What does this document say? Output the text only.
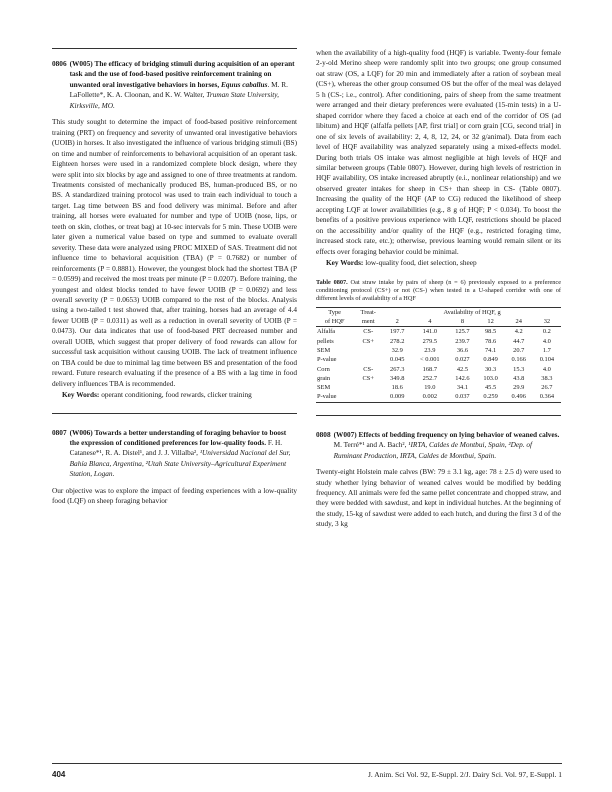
0806 (W005) The efficacy of bridging stimuli during acquisition of an operant task and the use of food-based positive reinforcement training on unwanted oral investigative behaviors in horses, Equus caballus. M. R. LaFollette*, K. A. Cloonan, and K. W. Walter, Truman State University, Kirksville, MO.

This study sought to determine the impact of food-based positive reinforcement training (PRT) on frequency and severity of unwanted oral investigative behaviors (UOIB) in horses. It also investigated the influence of various bridging stimuli (BS) on time and number of reinforcements to behavioral acquisition of an operant task. Eighteen horses were used in a randomized complete block design, where they were split into six blocks by age and assigned to one of three treatments at random. Treatments consisted of mechanically produced BS, human-produced BS, or no BS. A standardized training protocol was used to train each individual to touch a target. Lag time between BS and food delivery was minimal. Before and after training, all horses were evaluated for number and type of UOIB (nose, lips, or teeth on skin, clothes, or treat bag) at 10-sec intervals for 5 min. These UOIB were later given a numerical value based on type and summed to evaluate overall severity. These data were analyzed using PROC MIXED of SAS. Treatment did not influence time to behavioral acquisition (TBA) (P = 0.7682) or number of reinforcements (P = 0.8881). However, the youngest block had the shortest TBA (P = 0.0599) and received the most treats per minute (P = 0.0207). Before training, the youngest and oldest blocks tended to have fewer UOIB (P = 0.0692) and less overall severity (P = 0.0653) UOIB compared to the rest of the blocks. Analysis using a two-tailed t test showed that, after training, horses had an average of 4.4 fewer UOIB (P = 0.0311) as well as a reduction in overall severity of UOIB (P = 0.0473). Our data indicates that use of food-based PRT decreased number and overall UOIB, which suggest that proper delivery of food rewards can allow for successful task acquisition without causing UOIB. The lack of treatment influence on TBA could be due to minimal lag time between BS and presentation of the food reward. Future research evaluating if the presence of a BS with a lag time in food delivery influences TBA is recommended.

Key Words: operant conditioning, food rewards, clicker training

0807 (W006) Towards a better understanding of foraging behavior to boost the expression of conditioned preferences for low-quality foods. F. H. Catanese*¹, R. A. Distel¹, and J. J. Villalba², ¹Universidad Nacional del Sur, Bahía Blanca, Argentina, ²Utah State University–Agricultural Experiment Station, Logan.

Our objective was to explore the impact of feeding experiences with a low-quality food (LQF) on sheep foraging behavior

when the availability of a high-quality food (HQF) is variable. Twenty-four female 2-y-old Merino sheep were randomly split into two groups; one group consumed oat straw (OS, a LQF) for 20 min and immediately after a ration of soybean meal (CS+), whereas the other group consumed OS but the offer of the meal was delayed 5 h (CS-; i.e., control). After conditioning, pairs of sheep from the same treatment were arranged and their dietary preferences were evaluated (15-min tests) in a U-shaped corridor where they faced a choice at each end of the corridor of OS (ad libitum) and HQF (alfalfa pellets [AP, first trial] or corn grain [CG, second trial] in one of six levels of availability: 2, 4, 8, 12, 24, or 32 g/animal). Data from each level of HQF availability was analyzed separately using a mixed-effects model. During both trials OS intake was almost negligible at high levels of HQF and similar between groups (Table 0807). However, during high levels of restriction in HQF availability, OS intake increased abruptly (e.i., nonlinear relationship) and we observed greater intakes for sheep in CS+ than sheep in CS- (Table 0807). Increasing the quality of the HQF (AP to CG) reduced the likelihood of sheep accepting LQF at lower availabilities (e.g., 8 g of HQF; P < 0.034). To boost the benefits of a positive previous experience with LQF, restrictions should be placed on the accessibility and/or quality of the HQF (e.g., restricted foraging time, increased stock rate, etc.); otherwise, previous learning would remain silent or its effects over foraging behavior could be minimal.

Key Words: low-quality food, diet selection, sheep

Table 0807. Oat straw intake by pairs of sheep (n = 6) previously exposed to a preference conditioning protocol (CS+) or not (CS-) when tested in a U-shaped corridor with one of different levels of availability of a HQF
Type	Treat-	Availability of HQF, g					
of HQF	ment	2	4	8	12	24	32
Alfalfa	CS-	197.7	141.0	125.7	98.5	4.2	0.2
pellets	CS+	278.2	279.5	239.7	78.6	44.7	4.0
SEM		32.9	23.9	36.6	74.1	20.7	1.7
P-value		0.045	< 0.001	0.027	0.849	0.166	0.104
Corn	CS-	267.3	168.7	42.5	30.3	15.3	4.0
grain	CS+	349.8	252.7	142.6	103.0	43.8	38.3
SEM		18.6	19.0	34.1	45.5	29.9	26.7
P-value		0.009	0.002	0.037	0.259	0.496	0.364
0808 (W007) Effects of bedding frequency on lying behavior of weaned calves. M. Terré*¹ and A. Bach², ¹IRTA, Caldes de Montbui, Spain, ²Dep. of Ruminant Production, IRTA, Caldes de Montbui, Spain.

Twenty-eight Holstein male calves (BW: 79 ± 3.1 kg, age: 78 ± 2.5 d) were used to study whether lying behavior of weaned calves would be modified by bedding frequency. All animals were fed the same pellet concentrate and chopped straw, and they were bedded with sawdust, and kept in individual hutches. At the beginning of the study, 15-kg of sawdust were added to each hutch, and during the first 3 d of the study, 3 kg

404	J. Anim. Sci Vol. 92, E-Suppl. 2/J. Dairy Sci. Vol. 97, E-Suppl. 1
